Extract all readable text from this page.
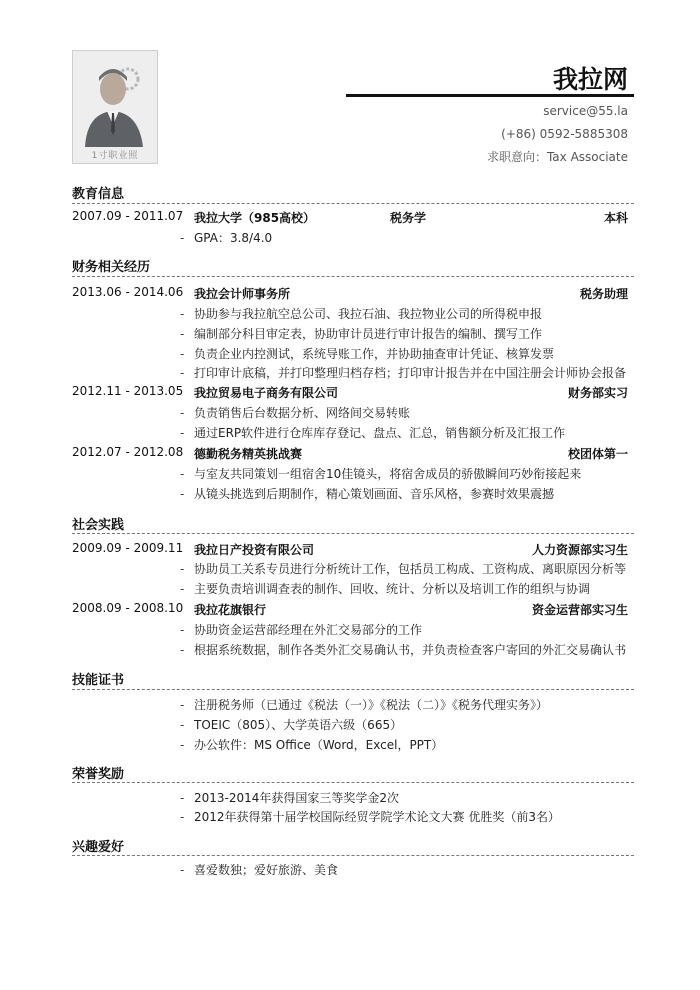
1寸职业照
我拉网
service@55.la
(+86) 0592-5885308
求职意向：Tax Associate
教育信息
2007.09 - 2011.07 我拉大学（985高校）	税务学	本科
- GPA：3.8/4.0
财务相关经历
2013.06 - 2014.06 我拉会计师事务所	税务助理
- 协助参与我拉航空总公司、我拉石油、我拉物业公司的所得税申报
- 编制部分科目审定表，协助审计员进行审计报告的编制、撰写工作
- 负责企业内控测试，系统导账工作，并协助抽查审计凭证、核算发票
- 打印审计底稿，并打印整理归档存档；打印审计报告并在中国注册会计师协会报备
2012.11 - 2013.05 我拉贸易电子商务有限公司	财务部实习
- 负责销售后台数据分析、网络间交易转账
- 通过ERP软件进行仓库库存登记、盘点、汇总，销售额分析及汇报工作
2012.07 - 2012.08 德勤税务精英挑战赛	校团体第一
- 与室友共同策划一组宿舍10佳镜头，将宿舍成员的骄傲瞬间巧妙衔接起来
- 从镜头挑选到后期制作，精心策划画面、音乐风格，参赛时效果震撼
社会实践
2009.09 - 2009.11 我拉日产投资有限公司	人力资源部实习生
- 协助员工关系专员进行分析统计工作，包括员工构成、工资构成、离职原因分析等
- 主要负责培训调查表的制作、回收、统计、分析以及培训工作的组织与协调
2008.09 - 2008.10 我拉花旗银行	资金运营部实习生
- 协助资金运营部经理在外汇交易部分的工作
- 根据系统数据，制作各类外汇交易确认书，并负责检查客户寄回的外汇交易确认书
技能证书
- 注册税务师（已通过《税法（一）》《税法（二）》《税务代理实务》）
- TOEIC（805）、大学英语六级（665）
- 办公软件：MS Office（Word，Excel，PPT）
荣誉奖励
- 2013-2014年获得国家三等奖学金2次
- 2012年获得第十届学校国际经贸学院学术论文大赛 优胜奖（前3名）
兴趣爱好
- 喜爱数独；爱好旅游、美食
